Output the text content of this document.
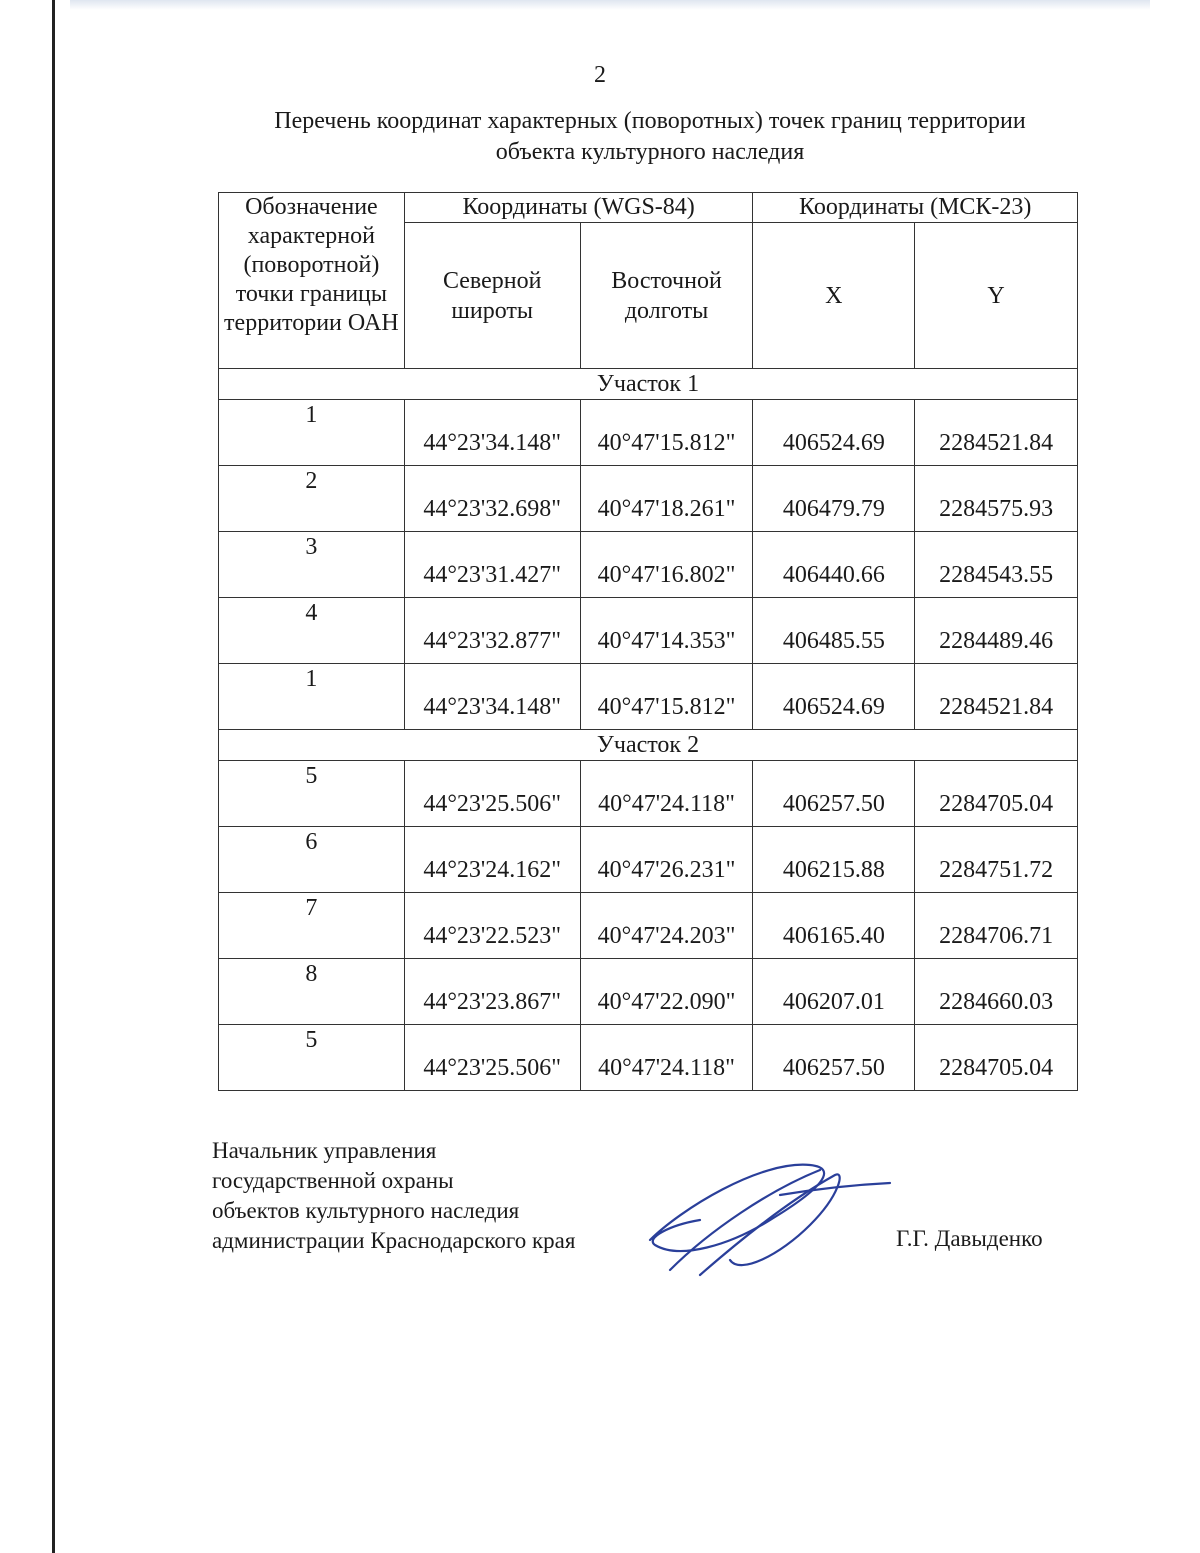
2
Перечень координат характерных (поворотных) точек границ территории
объекта культурного наследия
Обозначение характерной (поворотной) точки границы территории ОАН	Координаты (WGS-84)		Координаты (МСК-23)	
	Северной широты	Восточной долготы	X	Y
Участок 1				
1	44°23'34.148"	40°47'15.812"	406524.69	2284521.84
2	44°23'32.698"	40°47'18.261"	406479.79	2284575.93
3	44°23'31.427"	40°47'16.802"	406440.66	2284543.55
4	44°23'32.877"	40°47'14.353"	406485.55	2284489.46
1	44°23'34.148"	40°47'15.812"	406524.69	2284521.84
Участок 2				
5	44°23'25.506"	40°47'24.118"	406257.50	2284705.04
6	44°23'24.162"	40°47'26.231"	406215.88	2284751.72
7	44°23'22.523"	40°47'24.203"	406165.40	2284706.71
8	44°23'23.867"	40°47'22.090"	406207.01	2284660.03
5	44°23'25.506"	40°47'24.118"	406257.50	2284705.04
Начальник управления
государственной охраны
объектов культурного наследия
администрации Краснодарского края	Г.Г. Давыденко
